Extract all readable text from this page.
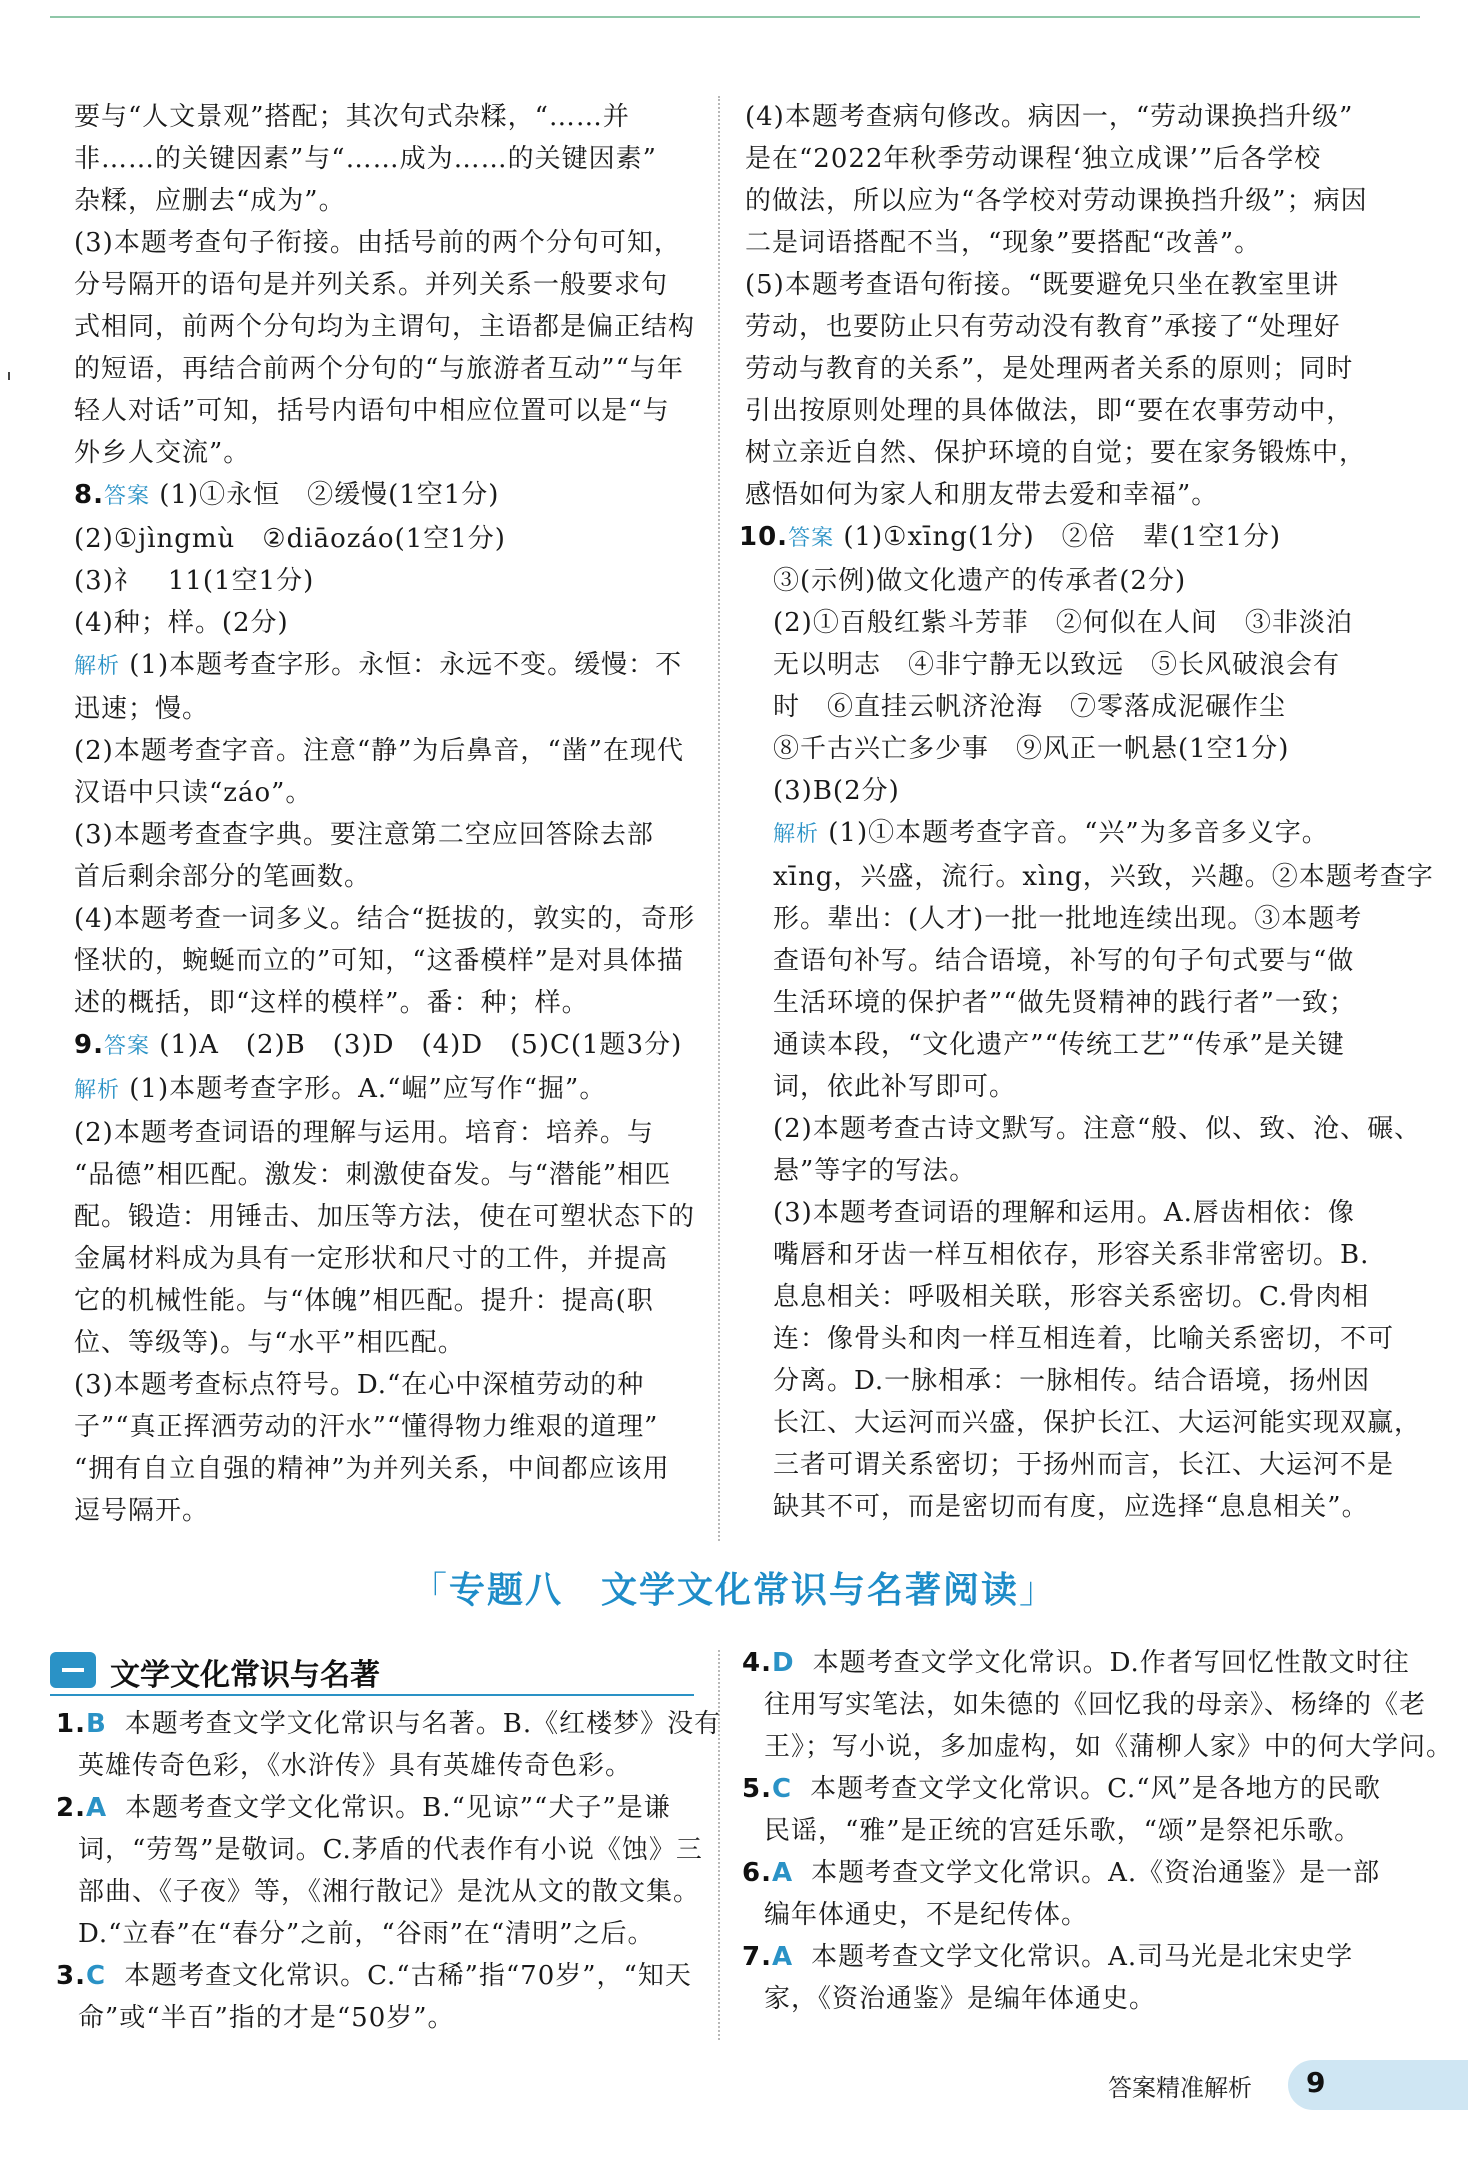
要与“人文景观”搭配；其次句式杂糅，“……并
非……的关键因素”与“……成为……的关键因素”
杂糅，应删去“成为”。
(3)本题考查句子衔接。由括号前的两个分句可知，
分号隔开的语句是并列关系。并列关系一般要求句
式相同，前两个分句均为主谓句，主语都是偏正结构
的短语，再结合前两个分句的“与旅游者互动”“与年
轻人对话”可知，括号内语句中相应位置可以是“与
外乡人交流”。
8.答案 (1)①永恒　②缓慢(1空1分)
(2)①jìngmù　②diāozáo(1空1分)
(3)礻　11(1空1分)
(4)种；样。(2分)
解析 (1)本题考查字形。永恒：永远不变。缓慢：不
迅速；慢。
(2)本题考查字音。注意“静”为后鼻音，“凿”在现代
汉语中只读“záo”。
(3)本题考查查字典。要注意第二空应回答除去部
首后剩余部分的笔画数。
(4)本题考查一词多义。结合“挺拔的，敦实的，奇形
怪状的，蜿蜒而立的”可知，“这番模样”是对具体描
述的概括，即“这样的模样”。番：种；样。
9.答案 (1)A　(2)B　(3)D　(4)D　(5)C(1题3分)
解析 (1)本题考查字形。A.“崛”应写作“掘”。
(2)本题考查词语的理解与运用。培育：培养。与
“品德”相匹配。激发：刺激使奋发。与“潜能”相匹
配。锻造：用锤击、加压等方法，使在可塑状态下的
金属材料成为具有一定形状和尺寸的工件，并提高
它的机械性能。与“体魄”相匹配。提升：提高(职
位、等级等)。与“水平”相匹配。
(3)本题考查标点符号。D.“在心中深植劳动的种
子”“真正挥洒劳动的汗水”“懂得物力维艰的道理”
“拥有自立自强的精神”为并列关系，中间都应该用
逗号隔开。
(4)本题考查病句修改。病因一，“劳动课换挡升级”
是在“2022年秋季劳动课程‘独立成课’”后各学校
的做法，所以应为“各学校对劳动课换挡升级”；病因
二是词语搭配不当，“现象”要搭配“改善”。
(5)本题考查语句衔接。“既要避免只坐在教室里讲
劳动，也要防止只有劳动没有教育”承接了“处理好
劳动与教育的关系”，是处理两者关系的原则；同时
引出按原则处理的具体做法，即“要在农事劳动中，
树立亲近自然、保护环境的自觉；要在家务锻炼中，
感悟如何为家人和朋友带去爱和幸福”。
10.答案 (1)①xīng(1分)　②倍　辈(1空1分)
③(示例)做文化遗产的传承者(2分)
(2)①百般红紫斗芳菲　②何似在人间　③非淡泊
无以明志　④非宁静无以致远　⑤长风破浪会有
时　⑥直挂云帆济沧海　⑦零落成泥碾作尘
⑧千古兴亡多少事　⑨风正一帆悬(1空1分)
(3)B(2分)
解析 (1)①本题考查字音。“兴”为多音多义字。
xīng，兴盛，流行。xìng，兴致，兴趣。②本题考查字
形。辈出：(人才)一批一批地连续出现。③本题考
查语句补写。结合语境，补写的句子句式要与“做
生活环境的保护者”“做先贤精神的践行者”一致；
通读本段，“文化遗产”“传统工艺”“传承”是关键
词，依此补写即可。
(2)本题考查古诗文默写。注意“般、似、致、沧、碾、
悬”等字的写法。
(3)本题考查词语的理解和运用。A.唇齿相依：像
嘴唇和牙齿一样互相依存，形容关系非常密切。B.
息息相关：呼吸相关联，形容关系密切。C.骨肉相
连：像骨头和肉一样互相连着，比喻关系密切，不可
分离。D.一脉相承：一脉相传。结合语境，扬州因
长江、大运河而兴盛，保护长江、大运河能实现双赢，
三者可谓关系密切；于扬州而言，长江、大运河不是
缺其不可，而是密切而有度，应选择“息息相关”。
「专题八　文学文化常识与名著阅读」
文学文化常识与名著
1.B 本题考查文学文化常识与名著。B.《红楼梦》没有
英雄传奇色彩，《水浒传》具有英雄传奇色彩。
2.A 本题考查文学文化常识。B.“见谅”“犬子”是谦
词，“劳驾”是敬词。C.茅盾的代表作有小说《蚀》三
部曲、《子夜》等，《湘行散记》是沈从文的散文集。
D.“立春”在“春分”之前，“谷雨”在“清明”之后。
3.C 本题考查文化常识。C.“古稀”指“70岁”，“知天
命”或“半百”指的才是“50岁”。
4.D 本题考查文学文化常识。D.作者写回忆性散文时往
往用写实笔法，如朱德的《回忆我的母亲》、杨绛的《老
王》；写小说，多加虚构，如《蒲柳人家》中的何大学问。
5.C 本题考查文学文化常识。C.“风”是各地方的民歌
民谣，“雅”是正统的宫廷乐歌，“颂”是祭祀乐歌。
6.A 本题考查文学文化常识。A.《资治通鉴》是一部
编年体通史，不是纪传体。
7.A 本题考查文学文化常识。A.司马光是北宋史学
家，《资治通鉴》是编年体通史。
答案精准解析 9
